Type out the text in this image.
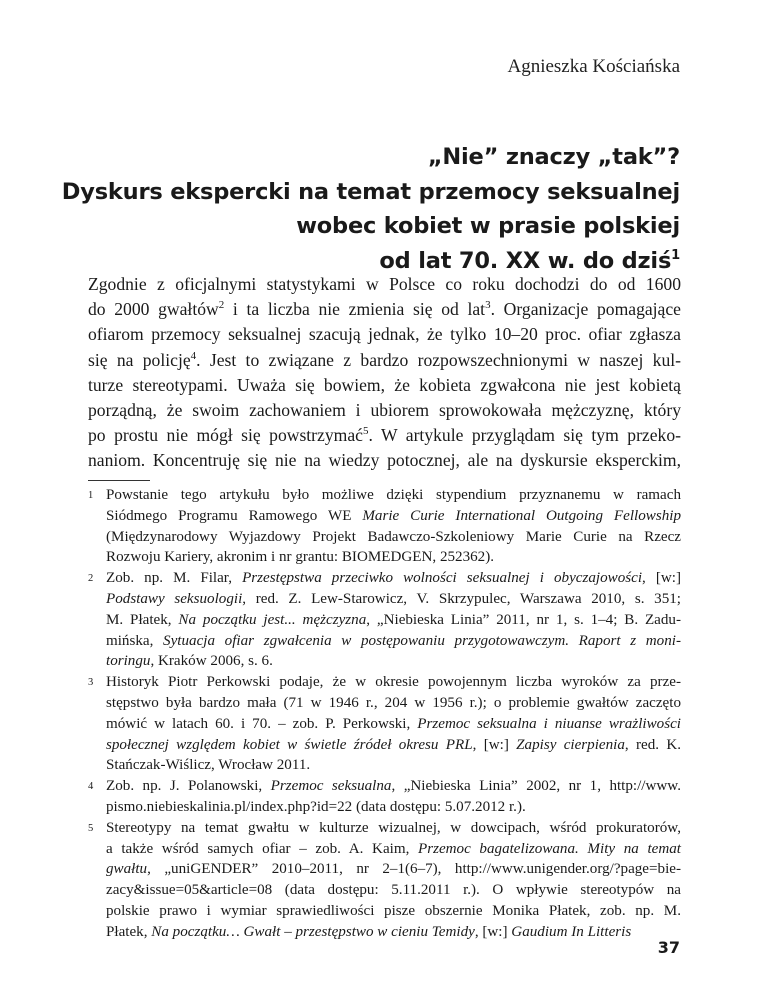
Agnieszka Kościańska
„Nie” znaczy „tak”?
Dyskurs ekspercki na temat przemocy seksualnej
wobec kobiet w prasie polskiej
od lat 70. XX w. do dziś$^1$
Zgodnie z oficjalnymi statystykami w Polsce co roku dochodzi do od 1600
do 2000 gwałtów$^2$ i ta liczba nie zmienia się od lat$^3$. Organizacje pomagające
ofiarom przemocy seksualnej szacują jednak, że tylko 10–20 proc. ofiar zgłasza
się na policję$^4$. Jest to związane z bardzo rozpowszechnionymi w naszej kul-
turze stereotypami. Uważa się bowiem, że kobieta zgwałcona nie jest kobietą
porządną, że swoim zachowaniem i ubiorem sprowokowała mężczyznę, który
po prostu nie mógł się powstrzymać$^5$. W artykule przyglądam się tym przeko-
naniom. Koncentruję się nie na wiedzy potocznej, ale na dyskursie eksperckim,
1 Powstanie tego artykułu było możliwe dzięki stypendium przyznanemu w ramach
Siódmego Programu Ramowego WE Marie Curie International Outgoing Fellowship
(Międzynarodowy Wyjazdowy Projekt Badawczo-Szkoleniowy Marie Curie na Rzecz
Rozwoju Kariery, akronim i nr grantu: BIOMEDGEN, 252362).
2 Zob. np. M. Filar, Przestępstwa przeciwko wolności seksualnej i obyczajowości, [w:]
Podstawy seksuologii, red. Z. Lew-Starowicz, V. Skrzypulec, Warszawa 2010, s. 351;
M. Płatek, Na początku jest... mężczyzna, „Niebieska Linia” 2011, nr 1, s. 1–4; B. Zadu-
mińska, Sytuacja ofiar zgwałcenia w postępowaniu przygotowawczym. Raport z moni-
toringu, Kraków 2006, s. 6.
3 Historyk Piotr Perkowski podaje, że w okresie powojennym liczba wyroków za prze-
stępstwo była bardzo mała (71 w 1946 r., 204 w 1956 r.); o problemie gwałtów zaczęto
mówić w latach 60. i 70. – zob. P. Perkowski, Przemoc seksualna i niuanse wrażliwości
społecznej względem kobiet w świetle źródeł okresu PRL, [w:] Zapisy cierpienia, red. K.
Stańczak-Wiślicz, Wrocław 2011.
4 Zob. np. J. Polanowski, Przemoc seksualna, „Niebieska Linia” 2002, nr 1, http://www.
pismo.niebieskalinia.pl/index.php?id=22 (data dostępu: 5.07.2012 r.).
5 Stereotypy na temat gwałtu w kulturze wizualnej, w dowcipach, wśród prokuratorów,
a także wśród samych ofiar – zob. A. Kaim, Przemoc bagatelizowana. Mity na temat
gwałtu, „uniGENDER” 2010–2011, nr 2–1(6–7), http://www.unigender.org/?page=bie-
zacy&issue=05&article=08 (data dostępu: 5.11.2011 r.). O wpływie stereotypów na
polskie prawo i wymiar sprawiedliwości pisze obszernie Monika Płatek, zob. np. M.
Płatek, Na początku… Gwałt – przestępstwo w cieniu Temidy, [w:] Gaudium In Litteris
37
